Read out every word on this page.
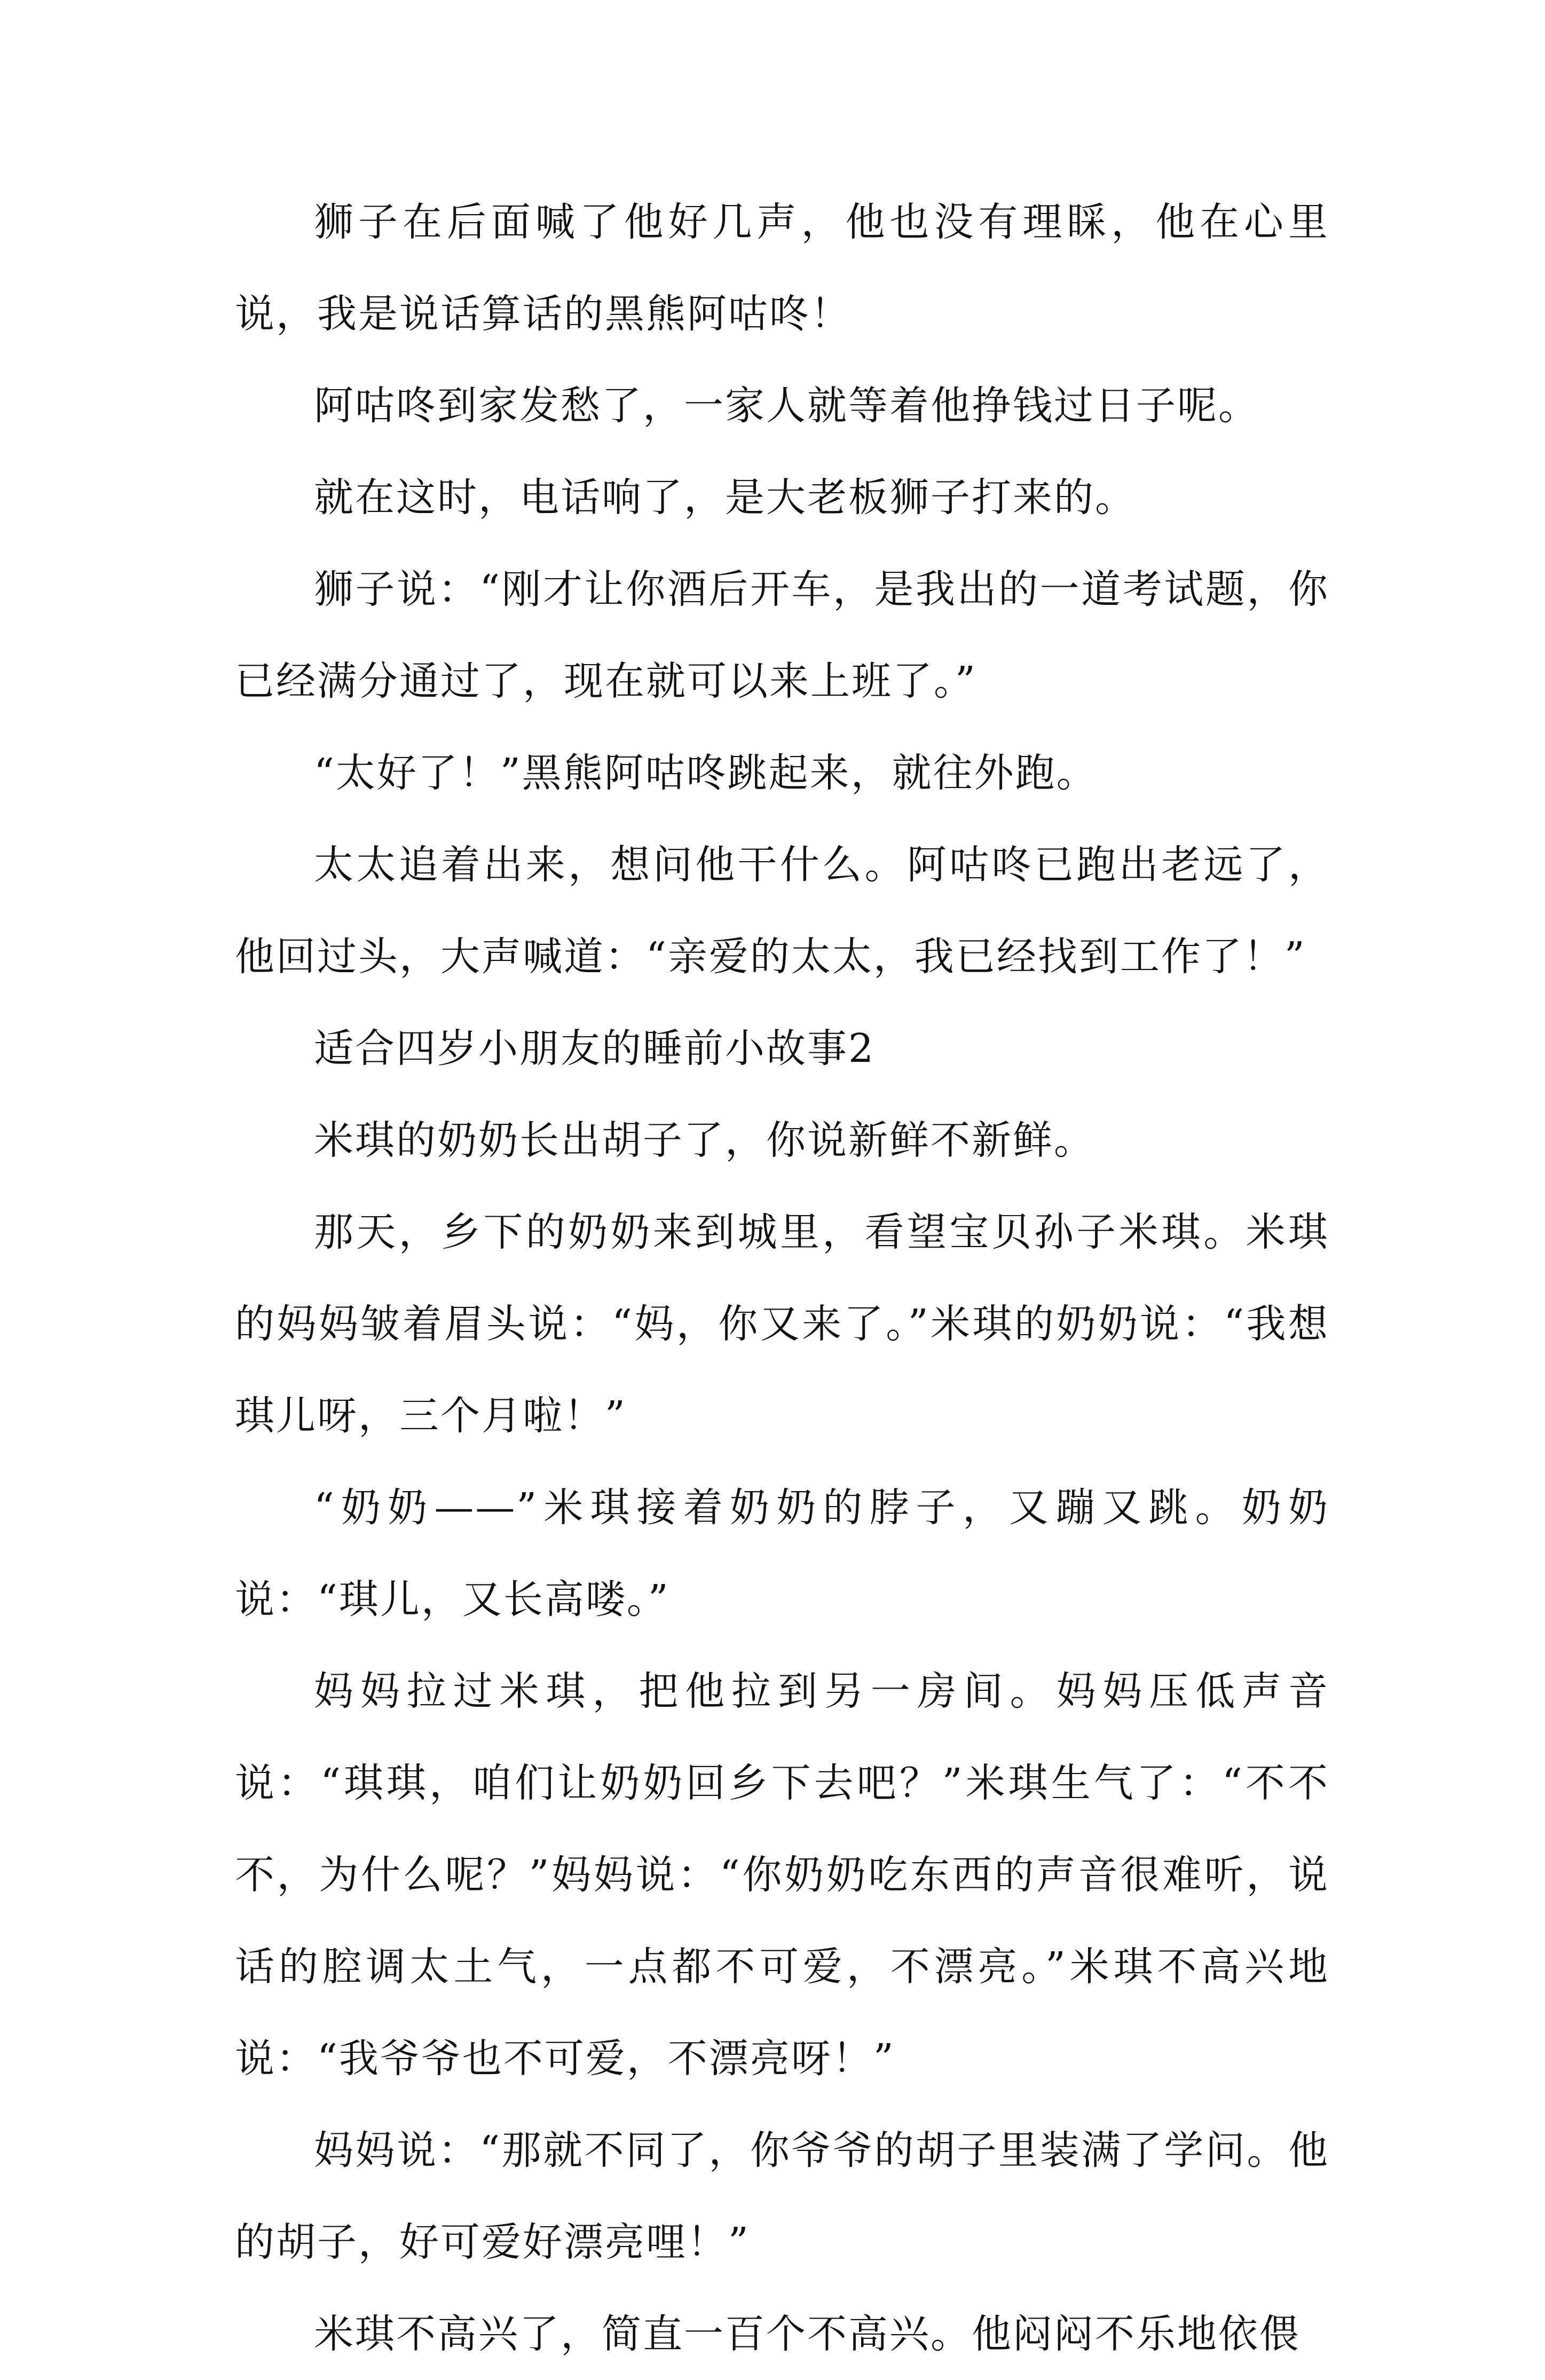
狮子在后面喊了他好几声，他也没有理睬，他在心里说，我是说话算话的黑熊阿咕咚！

阿咕咚到家发愁了，一家人就等着他挣钱过日子呢。

就在这时，电话响了，是大老板狮子打来的。

狮子说：“刚才让你酒后开车，是我出的一道考试题，你已经满分通过了，现在就可以来上班了。”

“太好了！”黑熊阿咕咚跳起来，就往外跑。

太太追着出来，想问他干什么。阿咕咚已跑出老远了，他回过头，大声喊道：“亲爱的太太，我已经找到工作了！”

适合四岁小朋友的睡前小故事2

米琪的奶奶长出胡子了，你说新鲜不新鲜。

那天，乡下的奶奶来到城里，看望宝贝孙子米琪。米琪的妈妈皱着眉头说：“妈，你又来了。”米琪的奶奶说：“我想琪儿呀，三个月啦！”

“奶奶——”米琪接着奶奶的脖子，又蹦又跳。奶奶说：“琪儿，又长高喽。”

妈妈拉过米琪，把他拉到另一房间。妈妈压低声音说：“琪琪，咱们让奶奶回乡下去吧？”米琪生气了：“不不不，为什么呢？”妈妈说：“你奶奶吃东西的声音很难听，说话的腔调太土气，一点都不可爱，不漂亮。”米琪不高兴地说：“我爷爷也不可爱，不漂亮呀！”

妈妈说：“那就不同了，你爷爷的胡子里装满了学问。他的胡子，好可爱好漂亮哩！”

米琪不高兴了，简直一百个不高兴。他闷闷不乐地依偎
